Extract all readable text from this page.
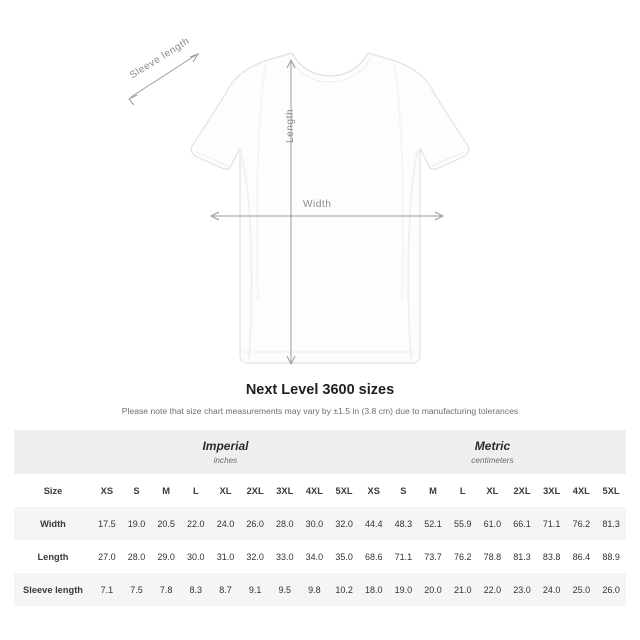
Length
Width
Sleeve length
Next Level 3600 sizes

Please note that size chart measurements may vary by ±1.5 in (3.8 cm) due to manufacturing tolerances

	Imperial
inches									Metric
centimeters								

Size	XS	S	M	L	XL	2XL	3XL	4XL	5XL	XS	S	M	L	XL	2XL	3XL	4XL	5XL
Width	17.5	19.0	20.5	22.0	24.0	26.0	28.0	30.0	32.0	44.4	48.3	52.1	55.9	61.0	66.1	71.1	76.2	81.3
Length	27.0	28.0	29.0	30.0	31.0	32.0	33.0	34.0	35.0	68.6	71.1	73.7	76.2	78.8	81.3	83.8	86.4	88.9
Sleeve length	7.1	7.5	7.8	8.3	8.7	9.1	9.5	9.8	10.2	18.0	19.0	20.0	21.0	22.0	23.0	24.0	25.0	26.0
